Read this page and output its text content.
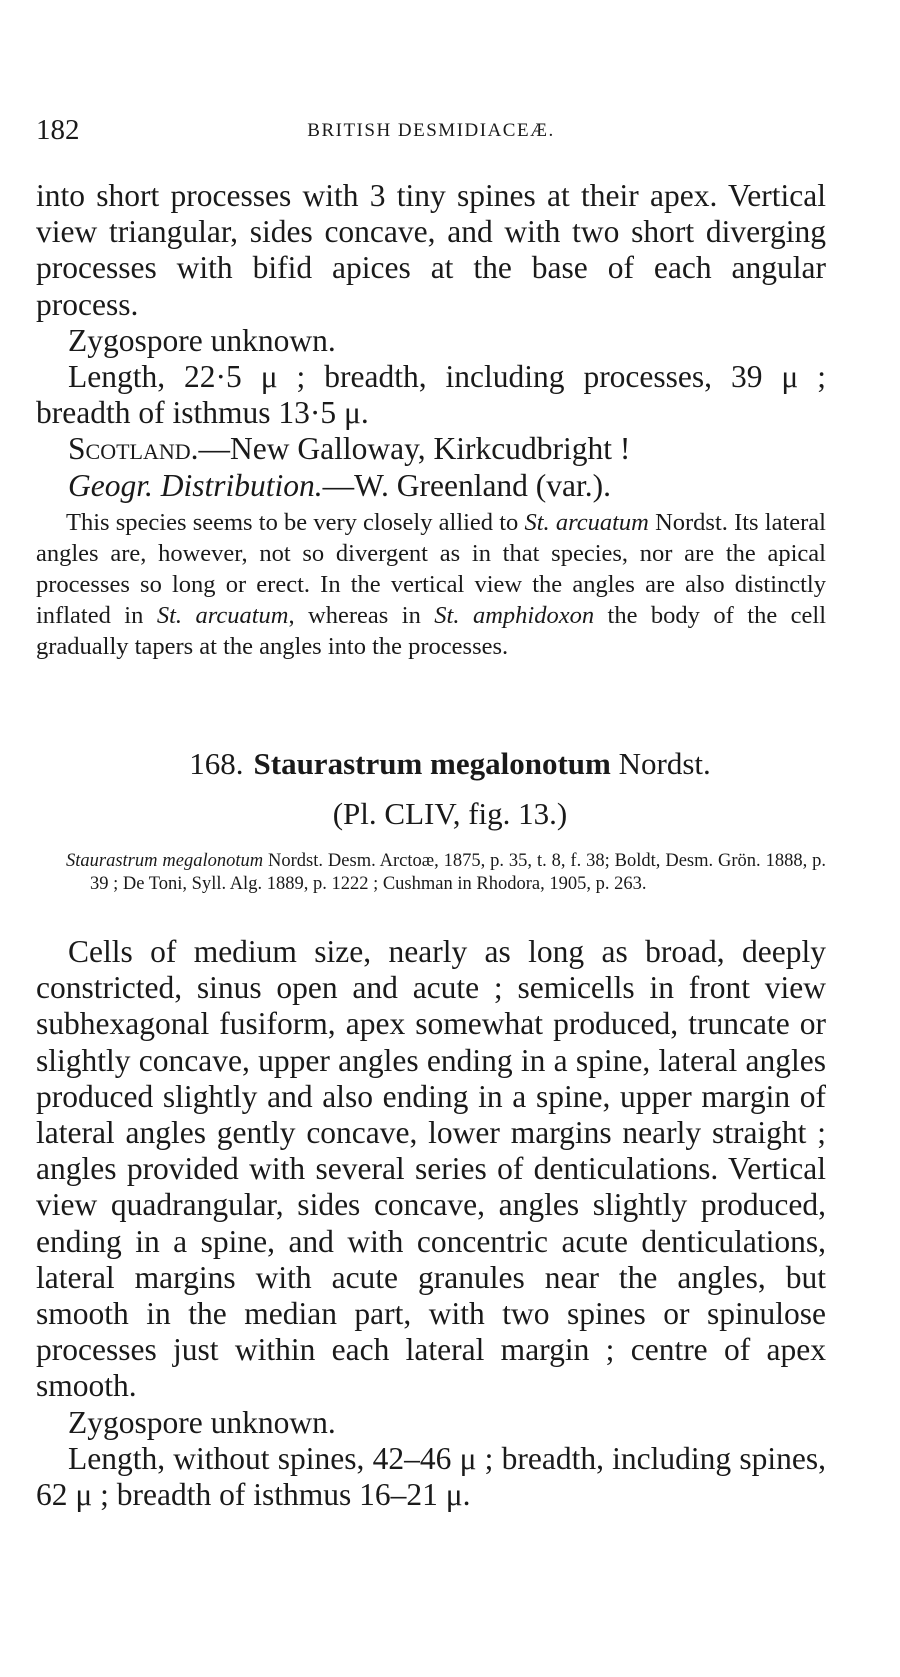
182	BRITISH DESMIDIACEÆ.

into short processes with 3 tiny spines at their apex. Vertical view triangular, sides concave, and with two short diverging processes with bifid apices at the base of each angular process.

Zygospore unknown.

Length, 22·5 μ ; breadth, including processes, 39 μ ; breadth of isthmus 13·5 μ.

Scotland.—New Galloway, Kirkcudbright !

Geogr. Distribution.—W. Greenland (var.).

This species seems to be very closely allied to St. arcuatum Nordst. Its lateral angles are, however, not so divergent as in that species, nor are the apical processes so long or erect. In the vertical view the angles are also distinctly inflated in St. arcuatum, whereas in St. amphidoxon the body of the cell gradually tapers at the angles into the processes.

168. Staurastrum megalonotum Nordst.
(Pl. CLIV, fig. 13.)

Staurastrum megalonotum Nordst. Desm. Arctoæ, 1875, p. 35, t. 8, f. 38; Boldt, Desm. Grön. 1888, p. 39 ; De Toni, Syll. Alg. 1889, p. 1222 ; Cushman in Rhodora, 1905, p. 263.

Cells of medium size, nearly as long as broad, deeply constricted, sinus open and acute ; semicells in front view subhexagonal fusiform, apex somewhat produced, truncate or slightly concave, upper angles ending in a spine, lateral angles produced slightly and also ending in a spine, upper margin of lateral angles gently concave, lower margins nearly straight ; angles provided with several series of denticulations. Vertical view quadrangular, sides concave, angles slightly produced, ending in a spine, and with concentric acute denticulations, lateral margins with acute granules near the angles, but smooth in the median part, with two spines or spinulose processes just within each lateral margin ; centre of apex smooth.

Zygospore unknown.

Length, without spines, 42–46 μ ; breadth, including spines, 62 μ ; breadth of isthmus 16–21 μ.
